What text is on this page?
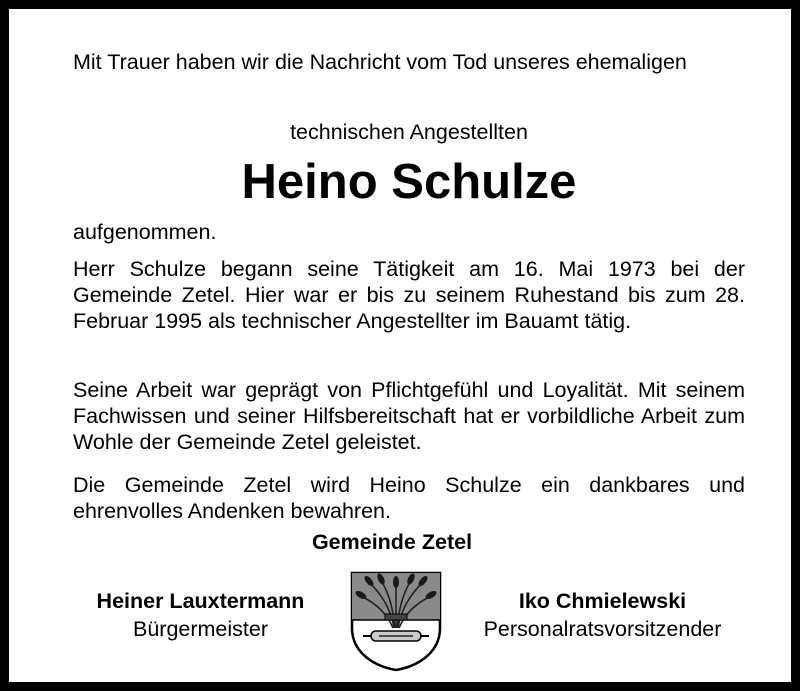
Mit Trauer haben wir die Nachricht vom Tod unseres ehemaligen

technischen Angestellten
Heino Schulze

aufgenommen.

Herr Schulze begann seine Tätigkeit am 16. Mai 1973 bei der Gemeinde Zetel. Hier war er bis zu seinem Ruhestand bis zum 28. Februar 1995 als technischer Angestellter im Bauamt tätig.

Seine Arbeit war geprägt von Pflichtgefühl und Loyalität. Mit seinem Fachwissen und seiner Hilfsbereitschaft hat er vorbildliche Arbeit zum Wohle der Gemeinde Zetel geleistet.

Die Gemeinde Zetel wird Heino Schulze ein dankbares und ehrenvolles Andenken bewahren.

Gemeinde Zetel
Heiner Lauxtermann
Bürgermeister
Iko Chmielewski
Personalratsvorsitzender
